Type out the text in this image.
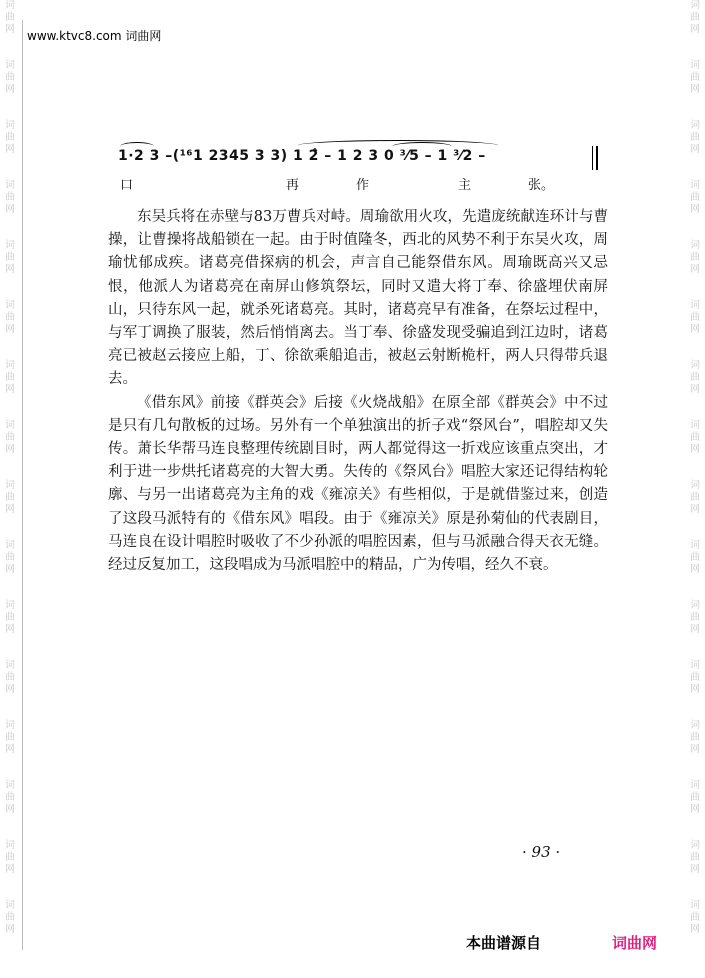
词
曲
网
词
曲
网
词
曲
网
词
曲
网
词
曲
网
词
曲
网
词
曲
网
词
曲
网
词
曲
网
词
曲
网
词
曲
网
词
曲
网
词
曲
网
词
曲
网
词
曲
网
词
曲
网
词
曲
网
词
曲
网
词
曲
网
词
曲
网
词
曲
网
词
曲
网
词
曲
网
词
曲
网
词
曲
网
词
曲
网
词
曲
网
词
曲
网
词
曲
网
词
曲
网
词
曲
网
词
曲
网
www.ktvc8.com 词曲网
1·2 3 –(¹⁶1 2345 3 3) 1 2̂ – 1 2 3 0 ³⁄5 – 1 ³⁄2 –
口	再	作	主	张。

东吴兵将在赤壁与83万曹兵对峙。周瑜欲用火攻，先遣庞统献连环计与曹操，让曹操将战船锁在一起。由于时值隆冬，西北的风势不利于东吴火攻，周瑜忧郁成疾。诸葛亮借探病的机会，声言自己能祭借东风。周瑜既高兴又忌恨，他派人为诸葛亮在南屏山修筑祭坛，同时又遣大将丁奉、徐盛埋伏南屏山，只待东风一起，就杀死诸葛亮。其时，诸葛亮早有准备，在祭坛过程中，与军丁调换了服装，然后悄悄离去。当丁奉、徐盛发现受骗追到江边时，诸葛亮已被赵云接应上船，丁、徐欲乘船追击，被赵云射断桅杆，两人只得带兵退去。

《借东风》前接《群英会》后接《火烧战船》在原全部《群英会》中不过是只有几句散板的过场。另外有一个单独演出的折子戏“祭风台”，唱腔却又失传。萧长华帮马连良整理传统剧目时，两人都觉得这一折戏应该重点突出，才利于进一步烘托诸葛亮的大智大勇。失传的《祭风台》唱腔大家还记得结构轮廓、与另一出诸葛亮为主角的戏《雍凉关》有些相似，于是就借鉴过来，创造了这段马派特有的《借东风》唱段。由于《雍凉关》原是孙菊仙的代表剧目，马连良在设计唱腔时吸收了不少孙派的唱腔因素，但与马派融合得天衣无缝。经过反复加工，这段唱成为马派唱腔中的精品，广为传唱，经久不衰。

· 93 ·
本曲谱源自	词曲网
